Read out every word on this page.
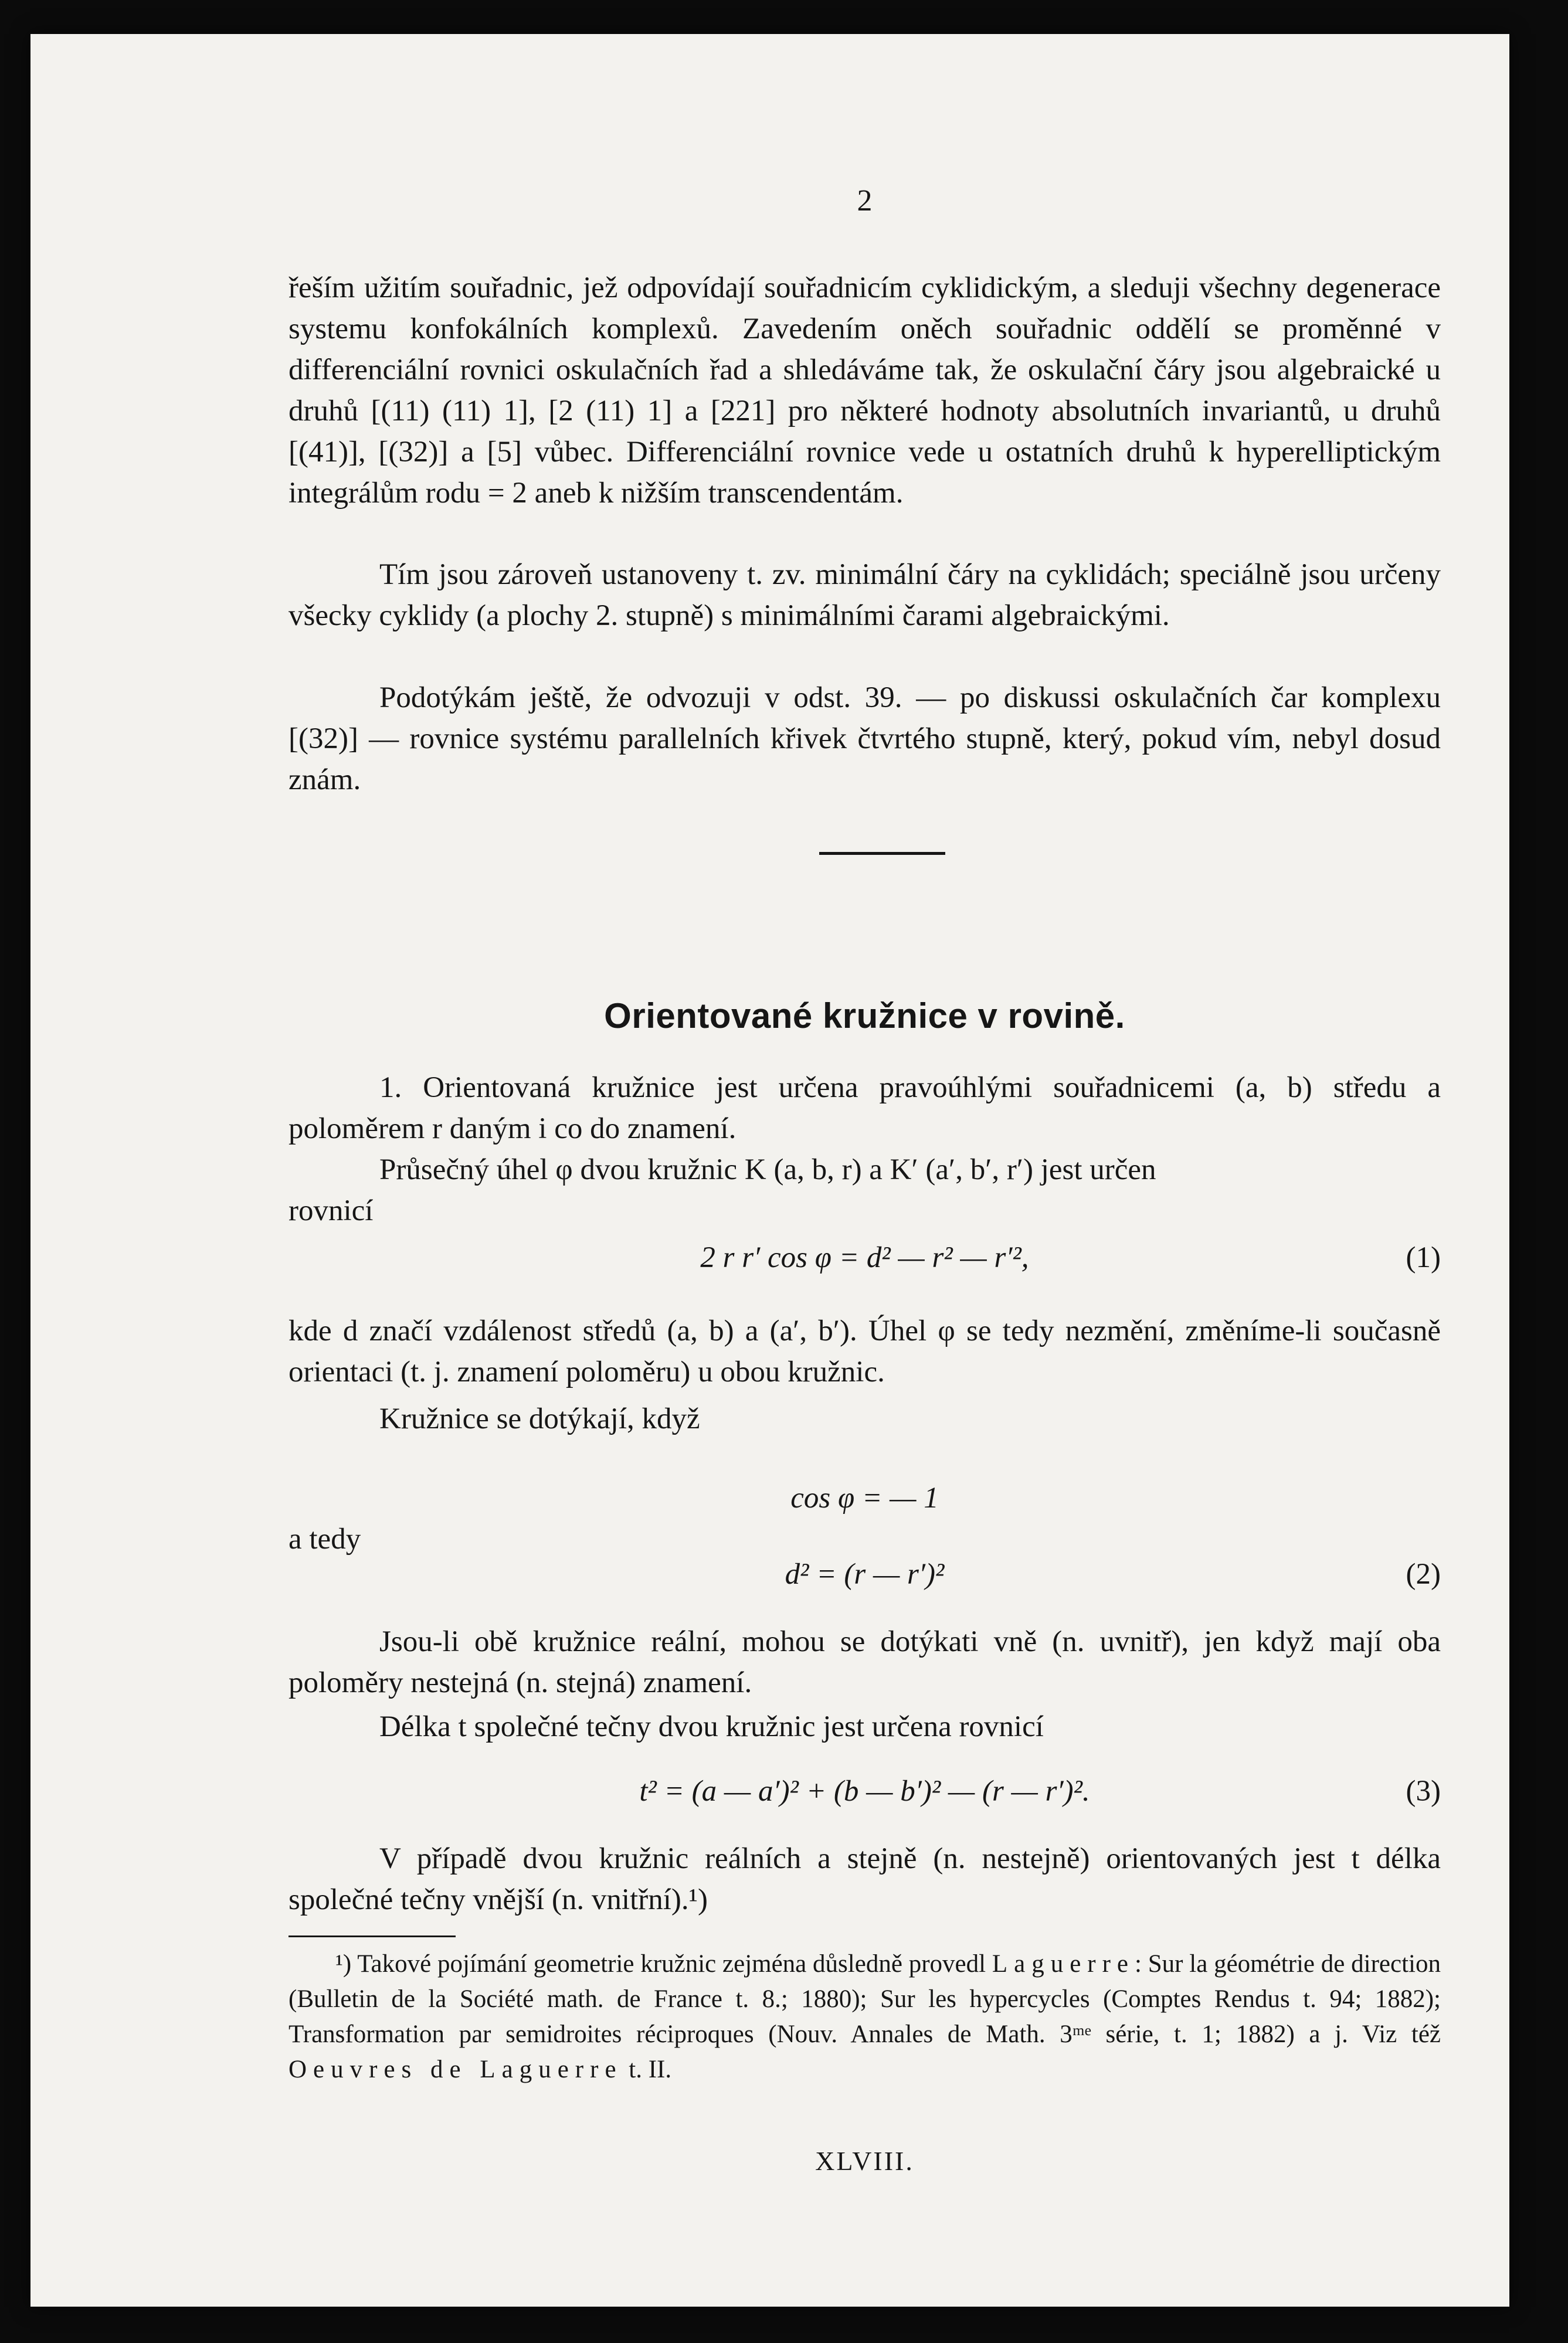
2
řeším užitím souřadnic, jež odpovídají souřadnicím cyklidickým, a sleduji všechny degenerace systemu konfokálních komplexů. Zavedením oněch souřadnic oddělí se proměnné v differenciální rovnici oskulačních řad a shledáváme tak, že oskulační čáry jsou algebraické u druhů [(11) (11) 1], [2 (11) 1] a [221] pro některé hodnoty absolutních invariantů, u druhů [(41)], [(32)] a [5] vůbec. Differenciální rovnice vede u ostatních druhů k hyperelliptickým integrálům rodu = 2 aneb k nižším transcendentám.
Tím jsou zároveň ustanoveny t. zv. minimální čáry na cyklidách; speciálně jsou určeny všecky cyklidy (a plochy 2. stupně) s minimálními čarami algebraickými.
Podotýkám ještě, že odvozuji v odst. 39. — po diskussi oskulačních čar komplexu [(32)] — rovnice systému parallelních křivek čtvrtého stupně, který, pokud vím, nebyl dosud znám.
Orientované kružnice v rovině.
1. Orientovaná kružnice jest určena pravoúhlými souřadnicemi (a, b) středu a poloměrem r daným i co do znamení.
Průsečný úhel φ dvou kružnic K (a, b, r) a K′ (a′, b′, r′) jest určen
rovnicí
2 r r′ cos φ = d² — r² — r′²,	(1)
kde d značí vzdálenost středů (a, b) a (a′, b′). Úhel φ se tedy nezmění, změníme-li současně orientaci (t. j. znamení poloměru) u obou kružnic.
Kružnice se dotýkají, když
cos φ = — 1
a tedy
d² = (r — r′)²	(2)
Jsou-li obě kružnice reální, mohou se dotýkati vně (n. uvnitř), jen když mají oba poloměry nestejná (n. stejná) znamení.
Délka t společné tečny dvou kružnic jest určena rovnicí
t² = (a — a′)² + (b — b′)² — (r — r′)².	(3)
V případě dvou kružnic reálních a stejně (n. nestejně) orientovaných jest t délka společné tečny vnější (n. vnitřní).¹)
¹) Takové pojímání geometrie kružnic zejména důsledně provedl Laguerre: Sur la géométrie de direction (Bulletin de la Société math. de France t. 8.; 1880); Sur les hypercycles (Comptes Rendus t. 94; 1882); Transformation par semidroites réciproques (Nouv. Annales de Math. 3ᵐᵉ série, t. 1; 1882) a j. Viz též Oeuvres de Laguerre t. II.
XLVIII.
